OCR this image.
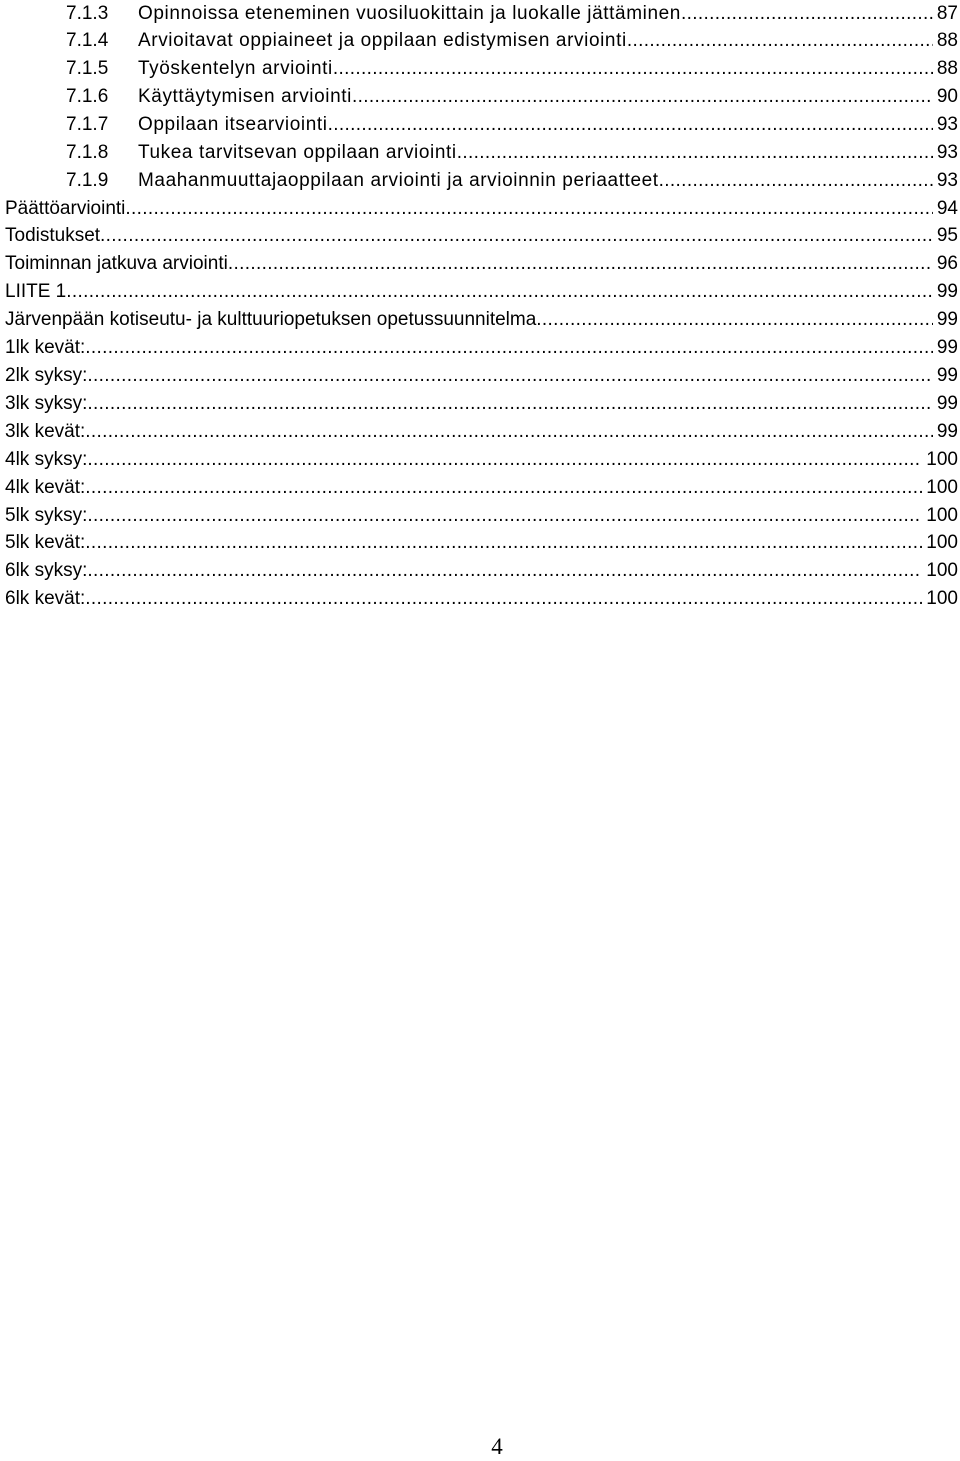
7.1.3	Opinnoissa eteneminen vuosiluokittain ja luokalle jättäminen .....	87
7.1.4	Arvioitavat oppiaineet ja oppilaan edistymisen arviointi .....	88
7.1.5	Työskentelyn arviointi .....	88
7.1.6	Käyttäytymisen arviointi .....	90
7.1.7	Oppilaan itsearviointi .....	93
7.1.8	Tukea tarvitsevan oppilaan arviointi .....	93
7.1.9	Maahanmuuttajaoppilaan arviointi ja arvioinnin periaatteet .....	93
Päättöarviointi .....	94
Todistukset .....	95
Toiminnan jatkuva arviointi .....	96
LIITE 1 .....	99
Järvenpään kotiseutu- ja kulttuuriopetuksen opetussuunnitelma .....	99
1lk kevät: .....	99
2lk syksy: .....	99
3lk syksy: .....	99
3lk kevät: .....	99
4lk syksy: .....	100
4lk kevät: .....	100
5lk syksy: .....	100
5lk kevät: .....	100
6lk syksy: .....	100
6lk kevät: .....	100
4
